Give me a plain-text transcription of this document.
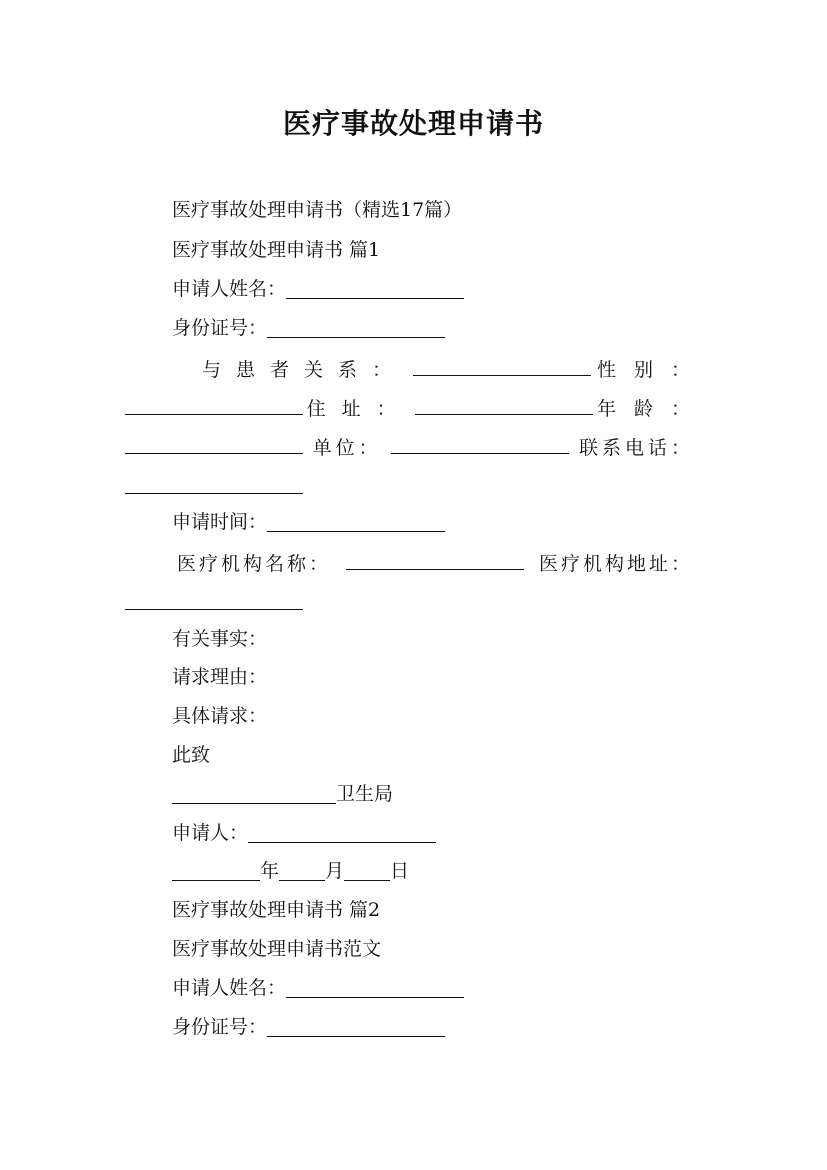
医疗事故处理申请书
医疗事故处理申请书（精选17篇）
医疗事故处理申请书 篇1
申请人姓名：
身份证号：
与患者关系：	性别：
住址：	年龄：
单位：	联系电话：
申请时间：
医疗机构名称：	医疗机构地址：
有关事实：
请求理由：
具体请求：
此致
卫生局
申请人：
年 月 日
医疗事故处理申请书 篇2
医疗事故处理申请书范文
申请人姓名：
身份证号：
